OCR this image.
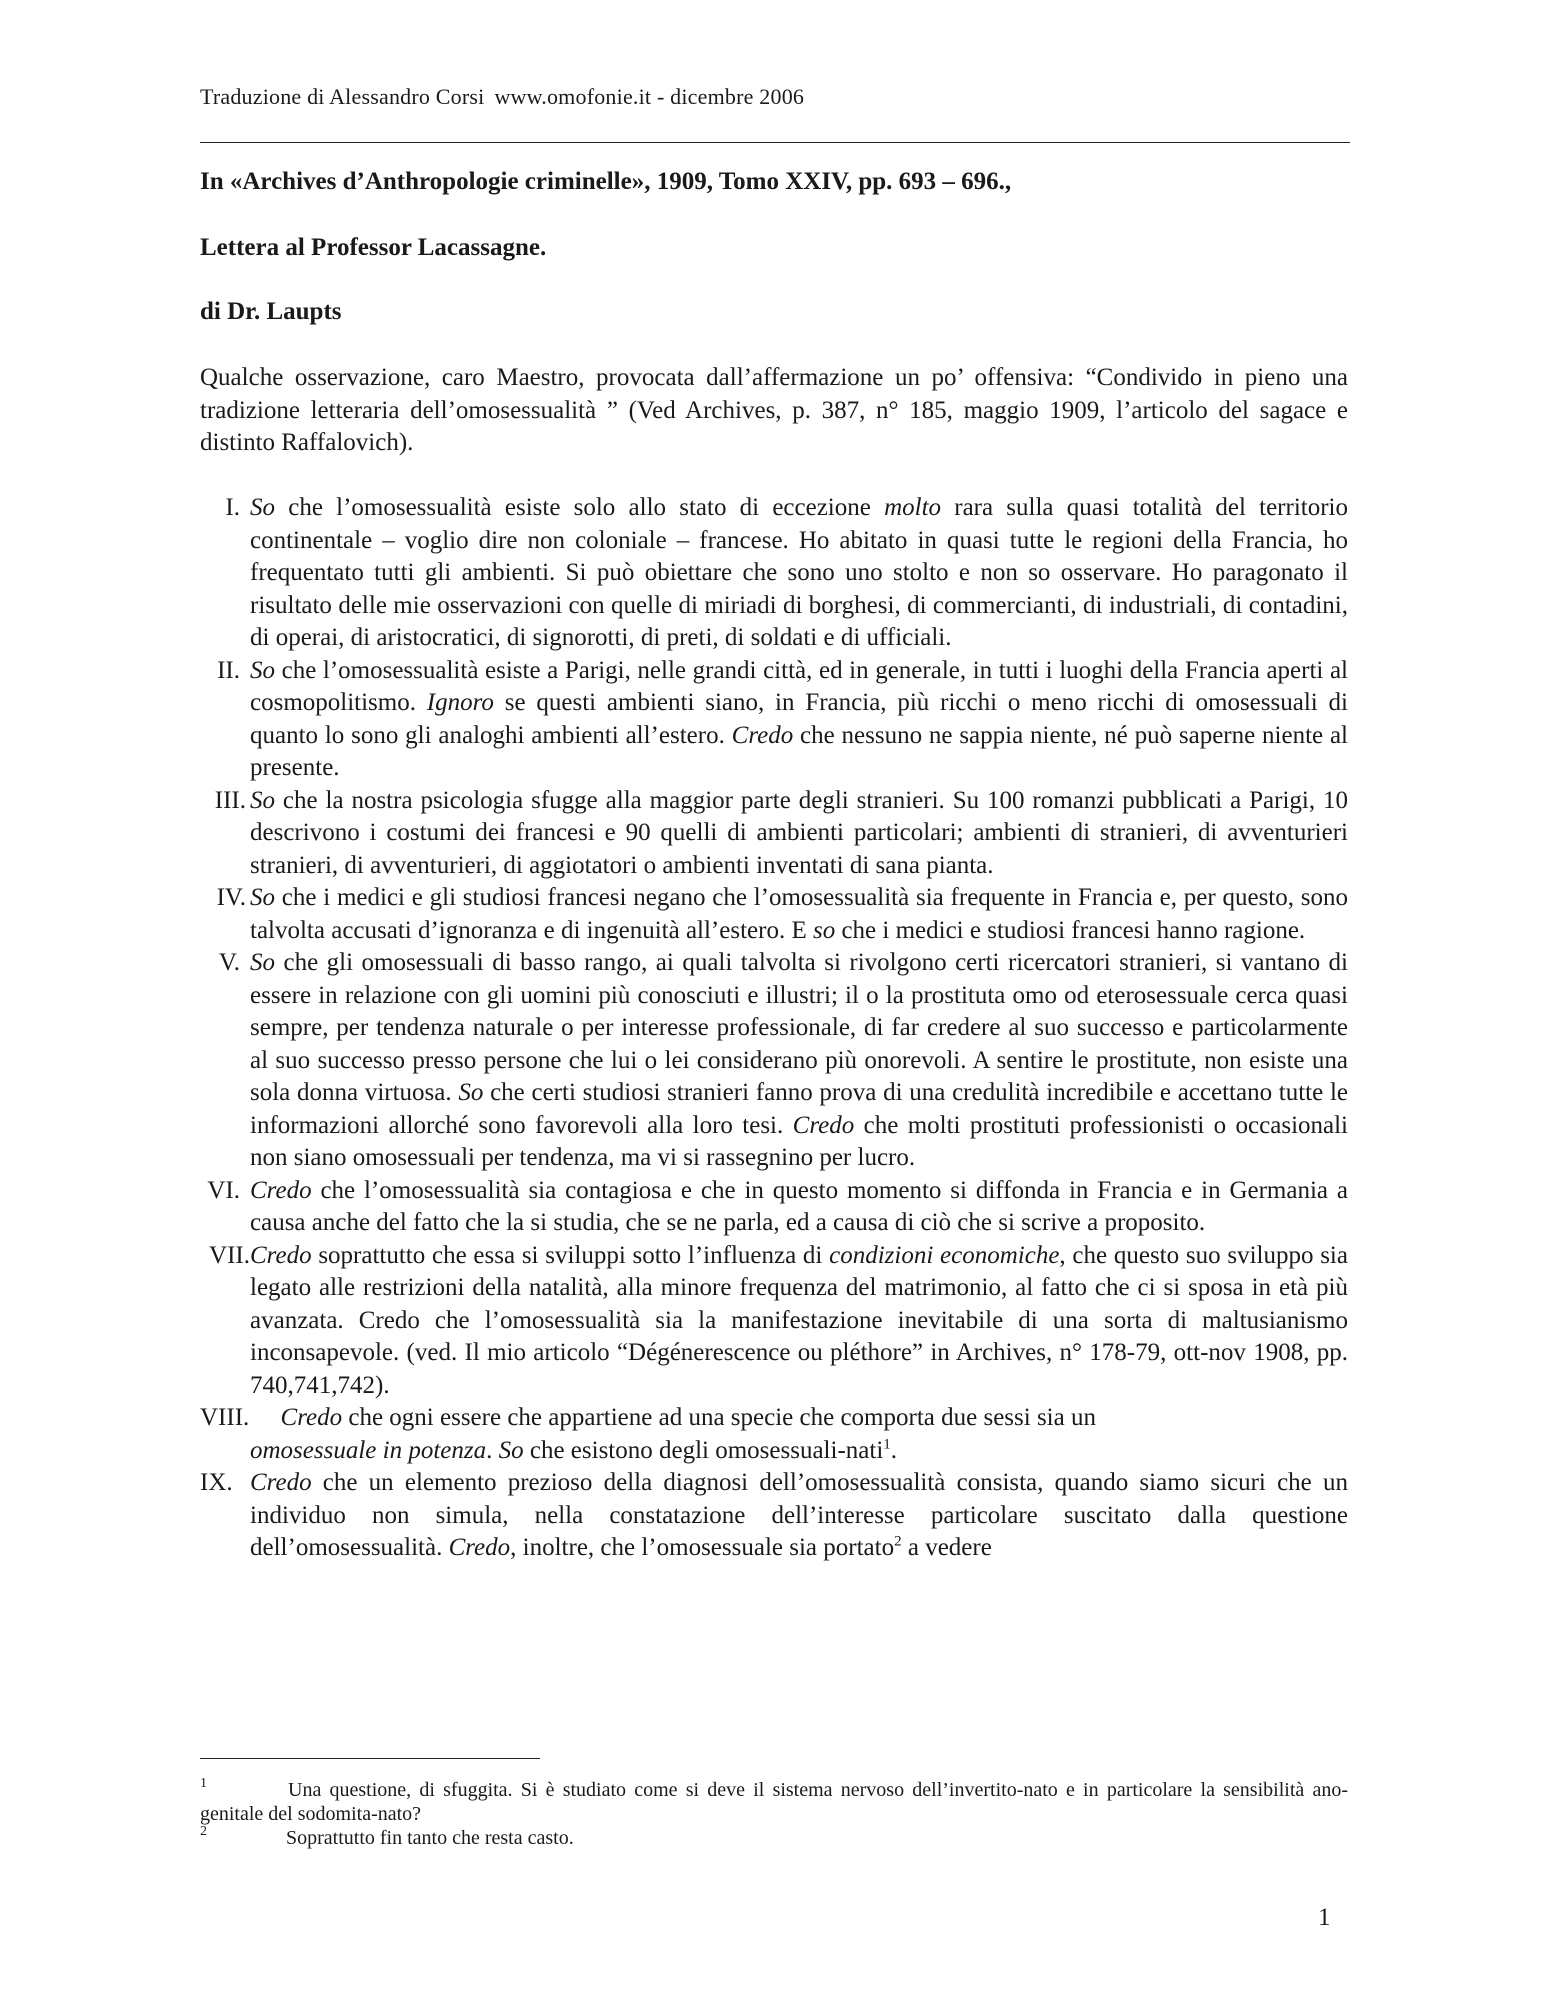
Traduzione di Alessandro Corsi www.omofonie.it - dicembre 2006
In «Archives d’Anthropologie criminelle», 1909, Tomo XXIV, pp. 693 – 696.,
Lettera al Professor Lacassagne.
di Dr. Laupts

Qualche osservazione, caro Maestro, provocata dall’affermazione un po’ offensiva: “Condivido in pieno una tradizione letteraria dell’omosessualità ” (Ved Archives, p. 387, n° 185, maggio 1909, l’articolo del sagace e distinto Raffalovich).

I. So che l’omosessualità esiste solo allo stato di eccezione molto rara sulla quasi totalità del territorio continentale – voglio dire non coloniale – francese. Ho abitato in quasi tutte le regioni della Francia, ho frequentato tutti gli ambienti. Si può obiettare che sono uno stolto e non so osservare. Ho paragonato il risultato delle mie osservazioni con quelle di miriadi di borghesi, di commercianti, di industriali, di contadini, di operai, di aristocratici, di signorotti, di preti, di soldati e di ufficiali.
II. So che l’omosessualità esiste a Parigi, nelle grandi città, ed in generale, in tutti i luoghi della Francia aperti al cosmopolitismo. Ignoro se questi ambienti siano, in Francia, più ricchi o meno ricchi di omosessuali di quanto lo sono gli analoghi ambienti all’estero. Credo che nessuno ne sappia niente, né può saperne niente al presente.
III. So che la nostra psicologia sfugge alla maggior parte degli stranieri. Su 100 romanzi pubblicati a Parigi, 10 descrivono i costumi dei francesi e 90 quelli di ambienti particolari; ambienti di stranieri, di avventurieri stranieri, di avventurieri, di aggiotatori o ambienti inventati di sana pianta.
IV. So che i medici e gli studiosi francesi negano che l’omosessualità sia frequente in Francia e, per questo, sono talvolta accusati d’ignoranza e di ingenuità all’estero. E so che i medici e studiosi francesi hanno ragione.
V. So che gli omosessuali di basso rango, ai quali talvolta si rivolgono certi ricercatori stranieri, si vantano di essere in relazione con gli uomini più conosciuti e illustri; il o la prostituta omo od eterosessuale cerca quasi sempre, per tendenza naturale o per interesse professionale, di far credere al suo successo e particolarmente al suo successo presso persone che lui o lei considerano più onorevoli. A sentire le prostitute, non esiste una sola donna virtuosa. So che certi studiosi stranieri fanno prova di una credulità incredibile e accettano tutte le informazioni allorché sono favorevoli alla loro tesi. Credo che molti prostituti professionisti o occasionali non siano omosessuali per tendenza, ma vi si rassegnino per lucro.
VI. Credo che l’omosessualità sia contagiosa e che in questo momento si diffonda in Francia e in Germania a causa anche del fatto che la si studia, che se ne parla, ed a causa di ciò che si scrive a proposito.
VII. Credo soprattutto che essa si sviluppi sotto l’influenza di condizioni economiche, che questo suo sviluppo sia legato alle restrizioni della natalità, alla minore frequenza del matrimonio, al fatto che ci si sposa in età più avanzata. Credo che l’omosessualità sia la manifestazione inevitabile di una sorta di maltusianismo inconsapevole. (ved. Il mio articolo “Dégénerescence ou pléthore” in Archives, n° 178-79, ott-nov 1908, pp. 740,741,742).
VIII. Credo che ogni essere che appartiene ad una specie che comporta due sessi sia un
omosessuale in potenza. So che esistono degli omosessuali-nati$^1$.
IX. Credo che un elemento prezioso della diagnosi dell’omosessualità consista, quando siamo sicuri che un individuo non simula, nella constatazione dell’interesse particolare suscitato dalla questione dell’omosessualità. Credo, inoltre, che l’omosessuale sia portato$^2$ a vedere
1	Una questione, di sfuggita. Si è studiato come si deve il sistema nervoso dell’invertito-nato e in particolare la sensibilità ano-genitale del sodomita-nato?
2	Soprattutto fin tanto che resta casto.
1
